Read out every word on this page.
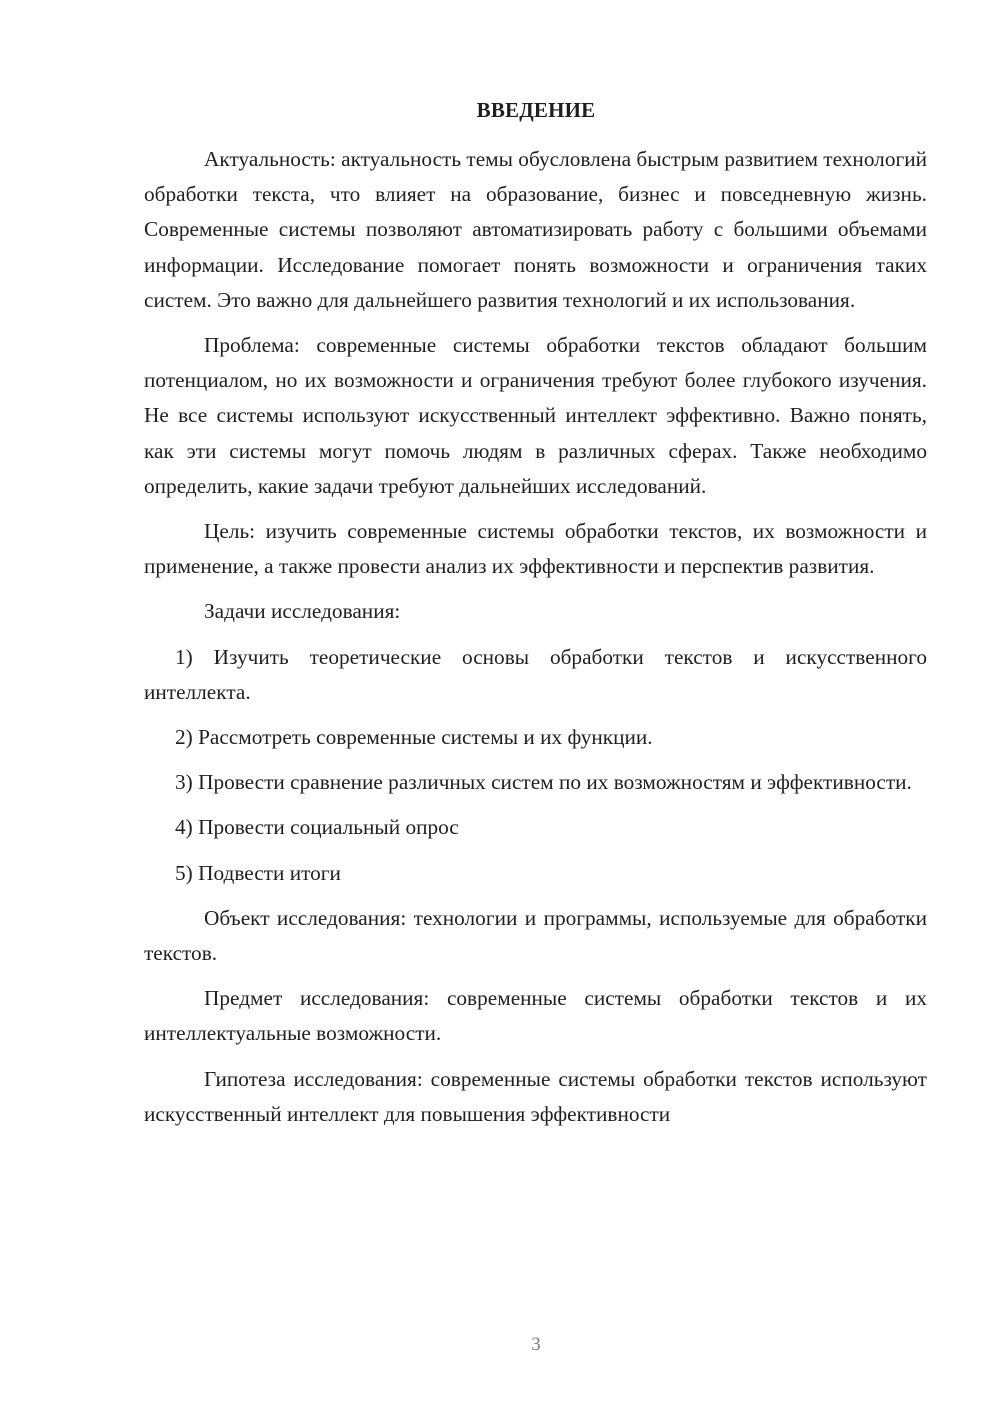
ВВЕДЕНИЕ

Актуальность: актуальность темы обусловлена быстрым развитием технологий обработки текста, что влияет на образование, бизнес и повседневную жизнь. Современные системы позволяют автоматизировать работу с большими объемами информации. Исследование помогает понять возможности и ограничения таких систем. Это важно для дальнейшего развития технологий и их использования.

Проблема: современные системы обработки текстов обладают большим потенциалом, но их возможности и ограничения требуют более глубокого изучения. Не все системы используют искусственный интеллект эффективно. Важно понять, как эти системы могут помочь людям в различных сферах. Также необходимо определить, какие задачи требуют дальнейших исследований.

Цель: изучить современные системы обработки текстов, их возможности и применение, а также провести анализ их эффективности и перспектив развития.

Задачи исследования:

1) Изучить теоретические основы обработки текстов и искусственного интеллекта.

2) Рассмотреть современные системы и их функции.

3) Провести сравнение различных систем по их возможностям и эффективности.

4) Провести социальный опрос

5) Подвести итоги

Объект исследования: технологии и программы, используемые для обработки текстов.

Предмет исследования: современные системы обработки текстов и их интеллектуальные возможности.

Гипотеза исследования: современные системы обработки текстов используют искусственный интеллект для повышения эффективности

3
